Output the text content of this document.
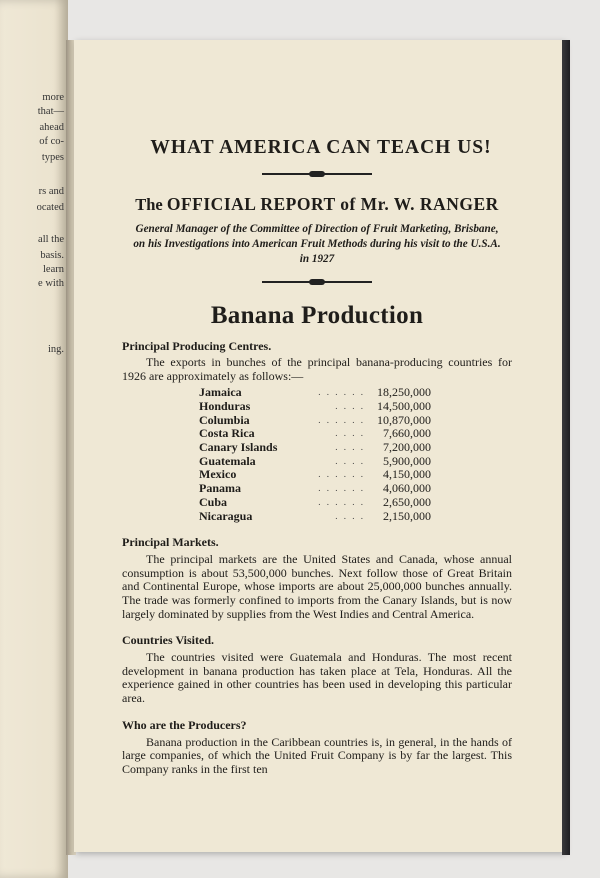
more
that—
ahead
of co-
types
rs and
ocated
all the
basis.
learn
e with
ing.
WHAT AMERICA CAN TEACH US!
The OFFICIAL REPORT of Mr. W. RANGER
General Manager of the Committee of Direction of Fruit Marketing, Brisbane, on his Investigations into American Fruit Methods during his visit to the U.S.A. in 1927
Banana Production
Principal Producing Centres.
The exports in bunches of the principal banana-producing countries for 1926 are approximately as follows:—
Jamaica	. . . . . .	18,250,000
Honduras	. . . .	14,500,000
Columbia	. . . . . .	10,870,000
Costa Rica	. . . .	7,660,000
Canary Islands	. . . .	7,200,000
Guatemala	. . . .	5,900,000
Mexico	. . . . . .	4,150,000
Panama	. . . . . .	4,060,000
Cuba	. . . . . .	2,650,000
Nicaragua	. . . .	2,150,000
Principal Markets.
The principal markets are the United States and Canada, whose annual consumption is about 53,500,000 bunches. Next follow those of Great Britain and Continental Europe, whose imports are about 25,000,000 bunches annually. The trade was formerly confined to imports from the Canary Islands, but is now largely dominated by supplies from the West Indies and Central America.
Countries Visited.
The countries visited were Guatemala and Honduras. The most recent development in banana production has taken place at Tela, Honduras. All the experience gained in other countries has been used in developing this particular area.
Who are the Producers?
Banana production in the Caribbean countries is, in general, in the hands of large companies, of which the United Fruit Company is by far the largest. This Company ranks in the first ten
